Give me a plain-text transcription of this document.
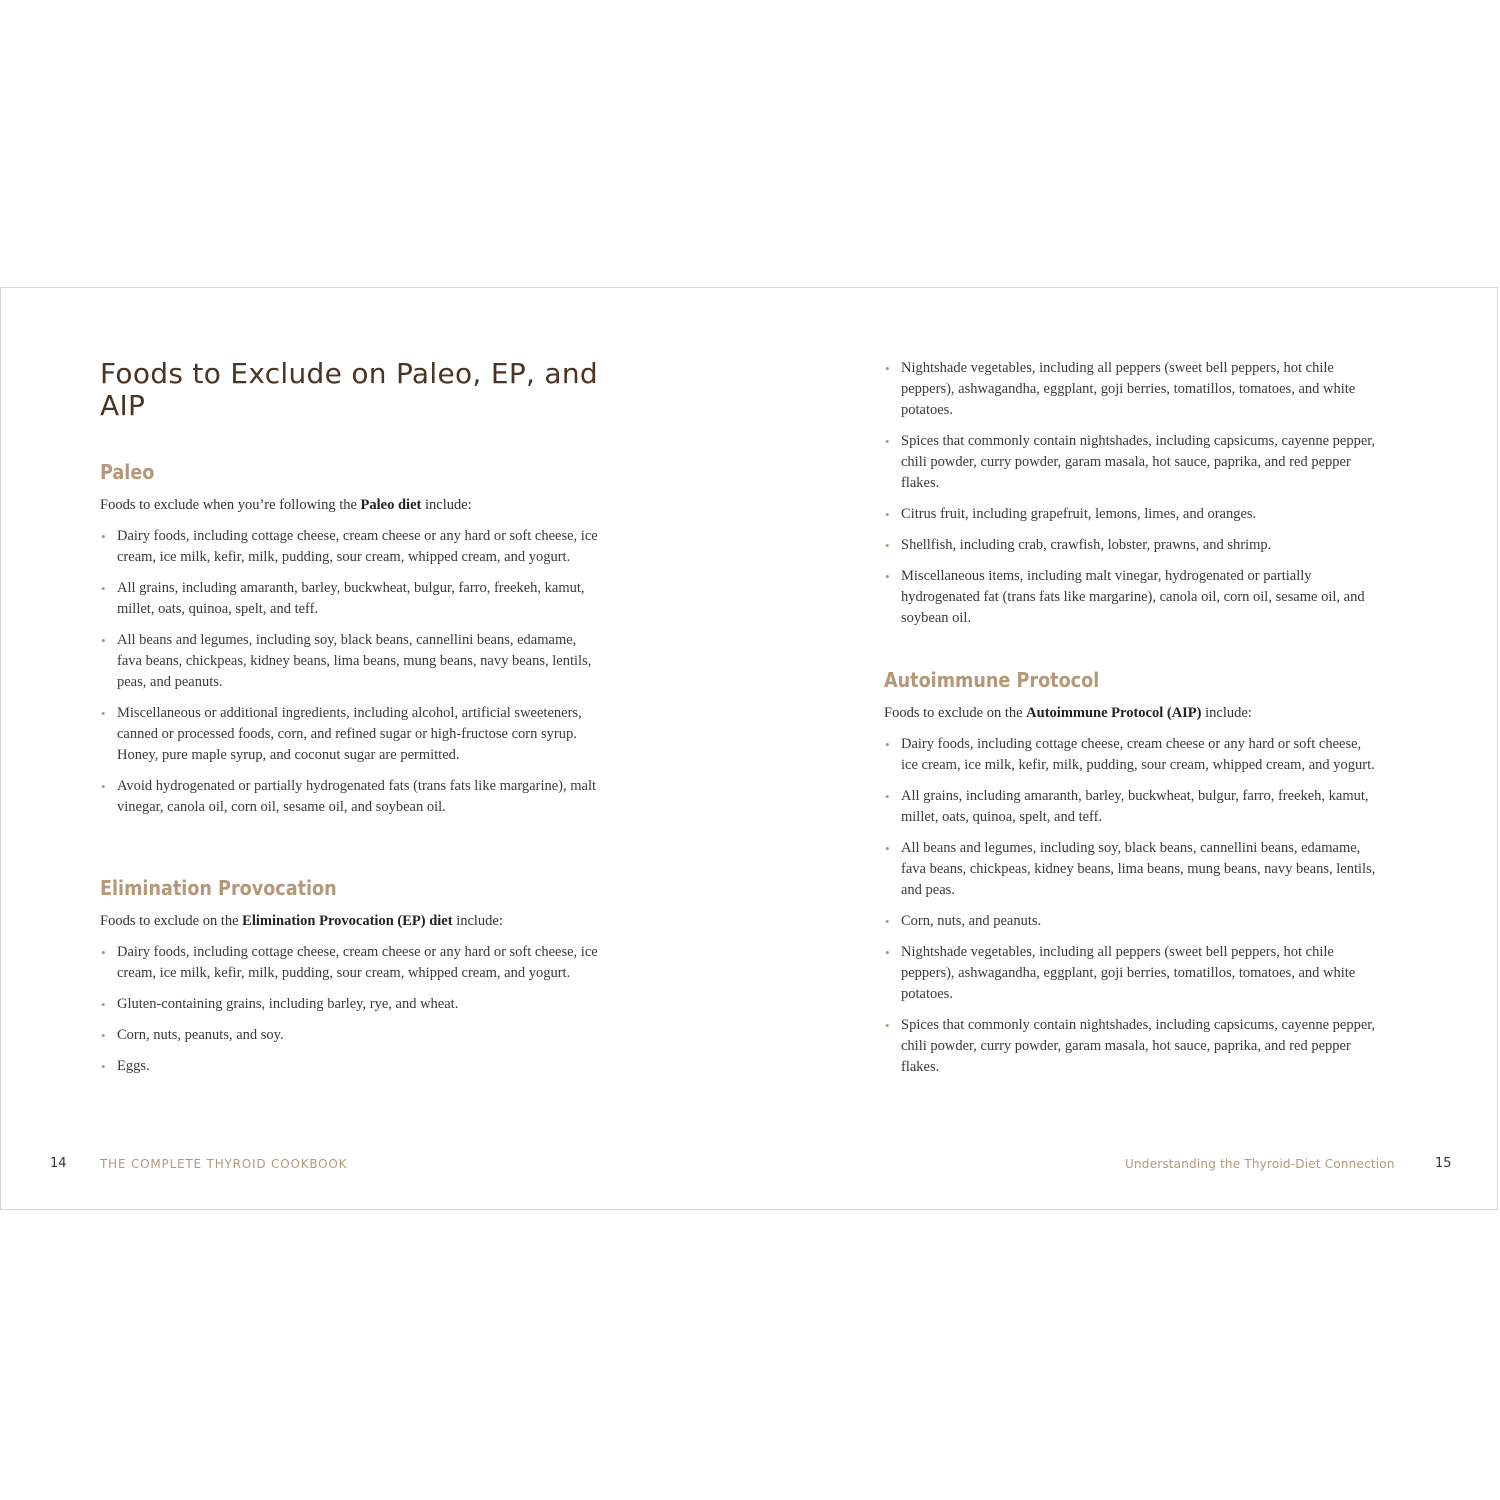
Foods to Exclude on Paleo, EP, and AIP
Paleo

Foods to exclude when you’re following the Paleo diet include:

• Dairy foods, including cottage cheese, cream cheese or any hard or soft cheese, ice cream, ice milk, kefir, milk, pudding, sour cream, whipped cream, and yogurt.
• All grains, including amaranth, barley, buckwheat, bulgur, farro, freekeh, kamut, millet, oats, quinoa, spelt, and teff.
• All beans and legumes, including soy, black beans, cannellini beans, edamame, fava beans, chickpeas, kidney beans, lima beans, mung beans, navy beans, lentils, peas, and peanuts.
• Miscellaneous or additional ingredients, including alcohol, artificial sweeteners, canned or processed foods, corn, and refined sugar or high-fructose corn syrup. Honey, pure maple syrup, and coconut sugar are permitted.
• Avoid hydrogenated or partially hydrogenated fats (trans fats like margarine), malt vinegar, canola oil, corn oil, sesame oil, and soybean oil.
Elimination Provocation

Foods to exclude on the Elimination Provocation (EP) diet include:

• Dairy foods, including cottage cheese, cream cheese or any hard or soft cheese, ice cream, ice milk, kefir, milk, pudding, sour cream, whipped cream, and yogurt.
• Gluten-containing grains, including barley, rye, and wheat.
• Corn, nuts, peanuts, and soy.
• Eggs.
14	THE COMPLETE THYROID COOKBOOK
• Nightshade vegetables, including all peppers (sweet bell peppers, hot chile peppers), ashwagandha, eggplant, goji berries, tomatillos, tomatoes, and white potatoes.
• Spices that commonly contain nightshades, including capsicums, cayenne pepper, chili powder, curry powder, garam masala, hot sauce, paprika, and red pepper flakes.
• Citrus fruit, including grapefruit, lemons, limes, and oranges.
• Shellfish, including crab, crawfish, lobster, prawns, and shrimp.
• Miscellaneous items, including malt vinegar, hydrogenated or partially hydrogenated fat (trans fats like margarine), canola oil, corn oil, sesame oil, and soybean oil.
Autoimmune Protocol

Foods to exclude on the Autoimmune Protocol (AIP) include:

• Dairy foods, including cottage cheese, cream cheese or any hard or soft cheese, ice cream, ice milk, kefir, milk, pudding, sour cream, whipped cream, and yogurt.
• All grains, including amaranth, barley, buckwheat, bulgur, farro, freekeh, kamut, millet, oats, quinoa, spelt, and teff.
• All beans and legumes, including soy, black beans, cannellini beans, edamame, fava beans, chickpeas, kidney beans, lima beans, mung beans, navy beans, lentils, and peas.
• Corn, nuts, and peanuts.
• Nightshade vegetables, including all peppers (sweet bell peppers, hot chile peppers), ashwagandha, eggplant, goji berries, tomatillos, tomatoes, and white potatoes.
• Spices that commonly contain nightshades, including capsicums, cayenne pepper, chili powder, curry powder, garam masala, hot sauce, paprika, and red pepper flakes.
Understanding the Thyroid-Diet Connection	15
